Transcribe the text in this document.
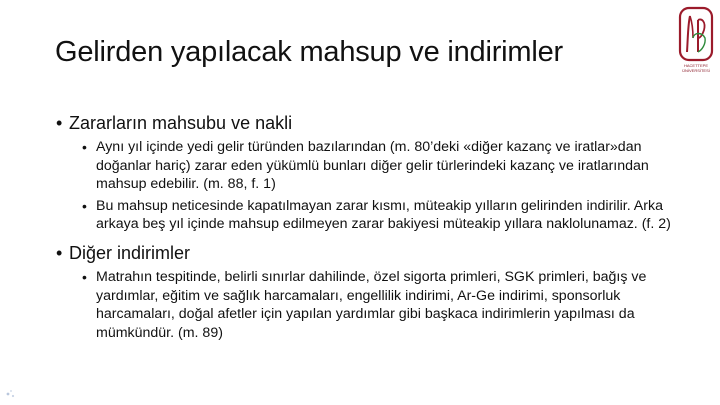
Gelirden yapılacak mahsup ve indirimler	HACETTEPE ÜNİVERSİTESİ
• Zararların mahsubu ve nakli
• Aynı yıl içinde yedi gelir türünden bazılarından (m. 80’deki «diğer kazanç ve iratlar»dan doğanlar hariç) zarar eden yükümlü bunları diğer gelir türlerindeki kazanç ve iratlarından mahsup edebilir. (m. 88, f. 1)
• Bu mahsup neticesinde kapatılmayan zarar kısmı, müteakip yılların gelirinden indirilir. Arka arkaya beş yıl içinde mahsup edilmeyen zarar bakiyesi müteakip yıllara naklolunamaz. (f. 2)
• Diğer indirimler
• Matrahın tespitinde, belirli sınırlar dahilinde, özel sigorta primleri, SGK primleri, bağış ve yardımlar, eğitim ve sağlık harcamaları, engellilik indirimi, Ar-Ge indirimi, sponsorluk harcamaları, doğal afetler için yapılan yardımlar gibi başkaca indirimlerin yapılması da mümkündür. (m. 89)
